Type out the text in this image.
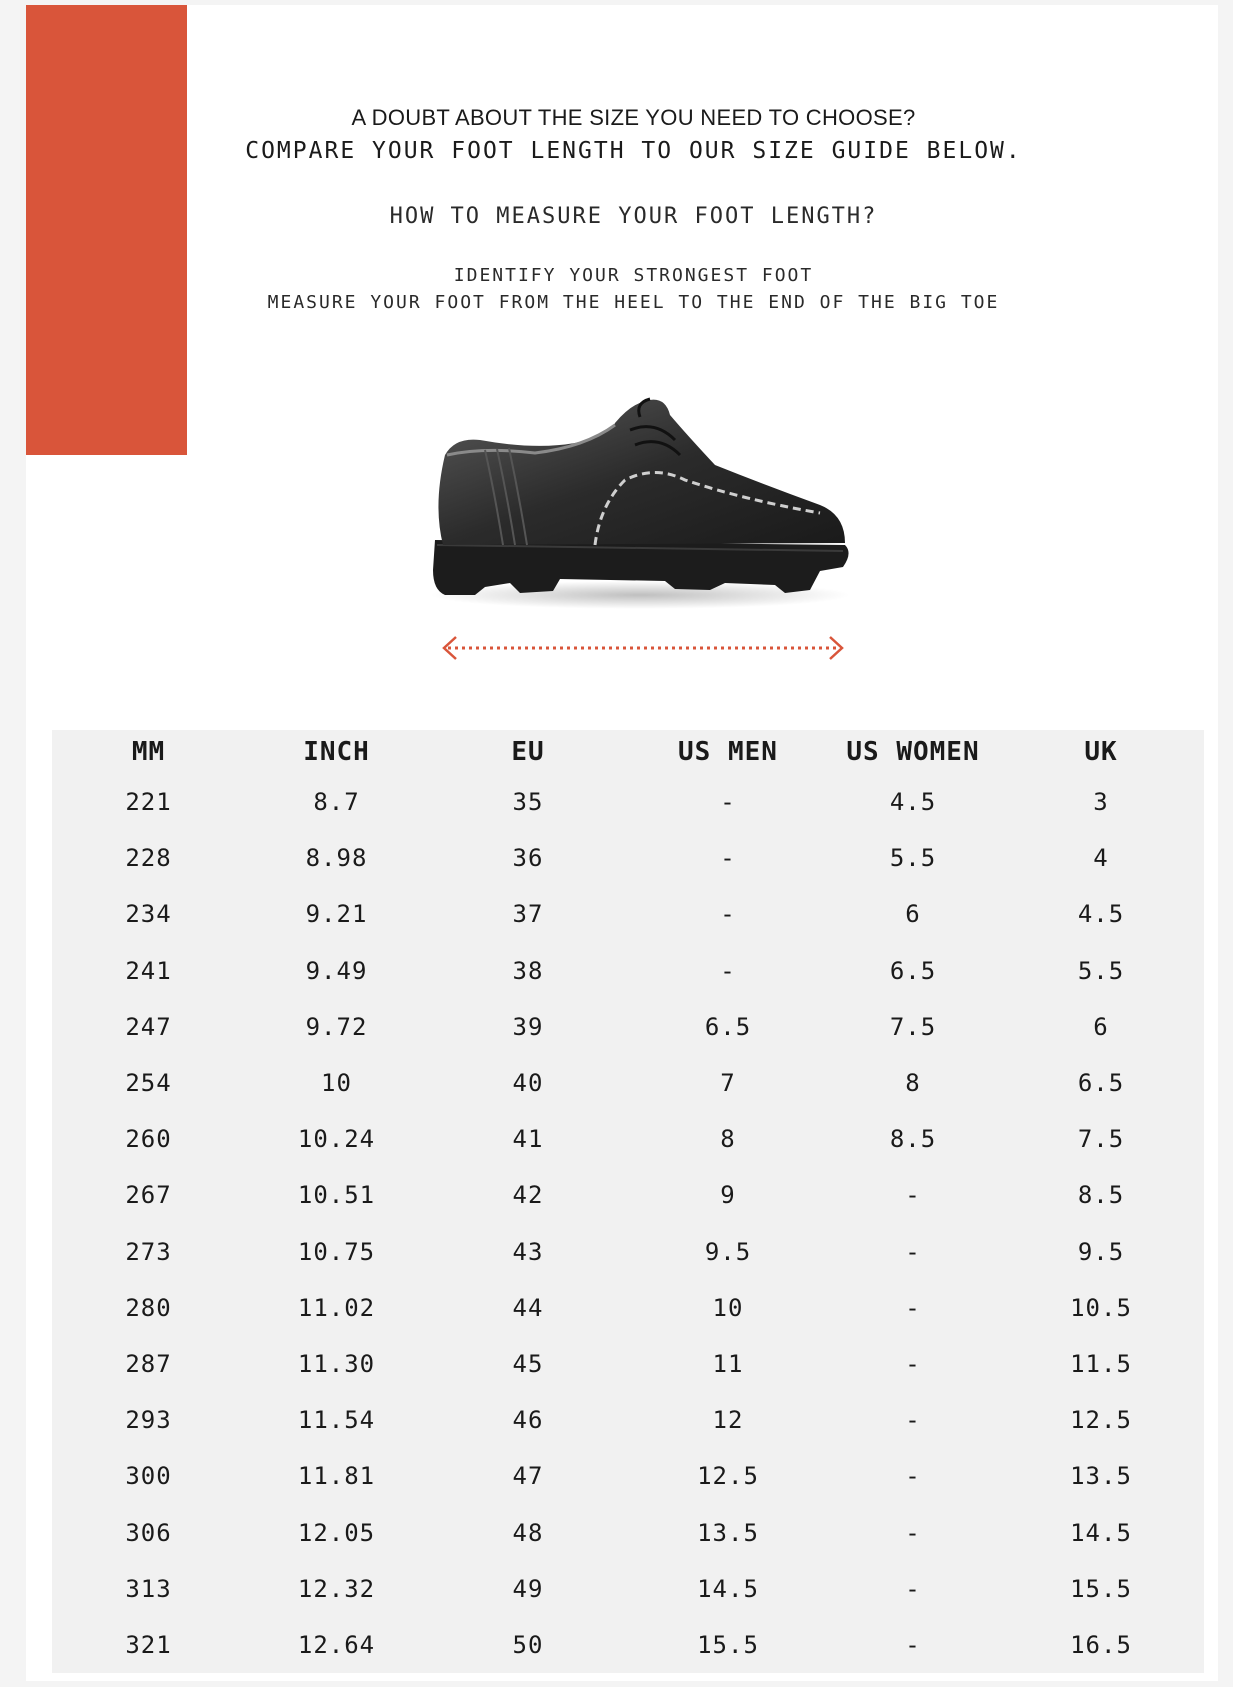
A DOUBT ABOUT THE SIZE YOU NEED TO CHOOSE?
COMPARE YOUR FOOT LENGTH TO OUR SIZE GUIDE BELOW.
HOW TO MEASURE YOUR FOOT LENGTH?
IDENTIFY YOUR STRONGEST FOOT
MEASURE YOUR FOOT FROM THE HEEL TO THE END OF THE BIG TOE
MM	INCH	EU	US MEN	US WOMEN	UK
221	8.7	35	-	4.5	3
228	8.98	36	-	5.5	4
234	9.21	37	-	6	4.5
241	9.49	38	-	6.5	5.5
247	9.72	39	6.5	7.5	6
254	10	40	7	8	6.5
260	10.24	41	8	8.5	7.5
267	10.51	42	9	-	8.5
273	10.75	43	9.5	-	9.5
280	11.02	44	10	-	10.5
287	11.30	45	11	-	11.5
293	11.54	46	12	-	12.5
300	11.81	47	12.5	-	13.5
306	12.05	48	13.5	-	14.5
313	12.32	49	14.5	-	15.5
321	12.64	50	15.5	-	16.5
